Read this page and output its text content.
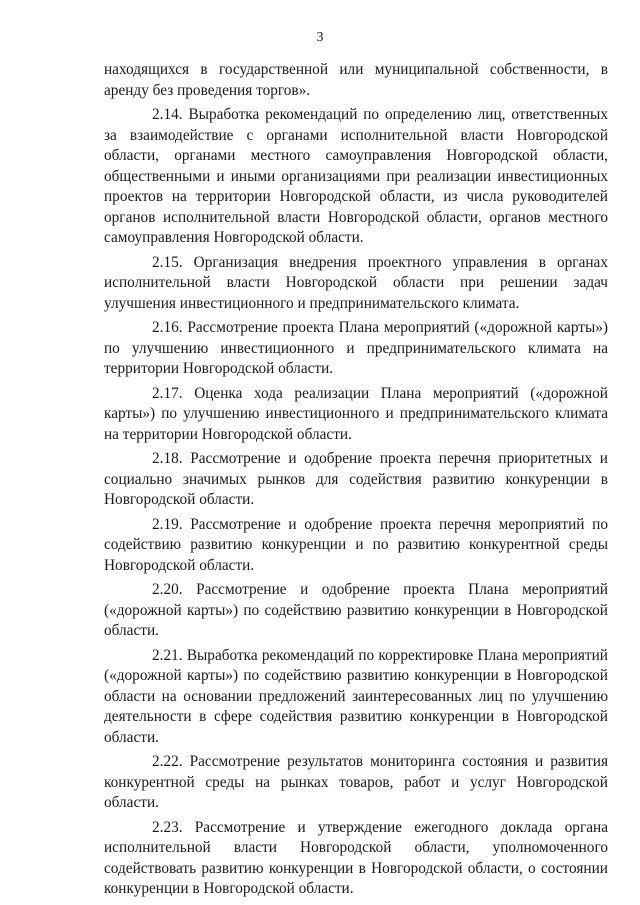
3

находящихся в государственной или муниципальной собственности, в аренду без проведения торгов».

2.14. Выработка рекомендаций по определению лиц, ответственных за взаимодействие с органами исполнительной власти Новгородской области, органами местного самоуправления Новгородской области, общественными и иными организациями при реализации инвестиционных проектов на территории Новгородской области, из числа руководителей органов исполнительной власти Новгородской области, органов местного самоуправления Новгородской области.

2.15. Организация внедрения проектного управления в органах исполнительной власти Новгородской области при решении задач улучшения инвестиционного и предпринимательского климата.

2.16. Рассмотрение проекта Плана мероприятий («дорожной карты») по улучшению инвестиционного и предпринимательского климата на территории Новгородской области.

2.17. Оценка хода реализации Плана мероприятий («дорожной карты») по улучшению инвестиционного и предпринимательского климата на территории Новгородской области.

2.18. Рассмотрение и одобрение проекта перечня приоритетных и социально значимых рынков для содействия развитию конкуренции в Новгородской области.

2.19. Рассмотрение и одобрение проекта перечня мероприятий по содействию развитию конкуренции и по развитию конкурентной среды Новгородской области.

2.20. Рассмотрение и одобрение проекта Плана мероприятий («дорожной карты») по содействию развитию конкуренции в Новгородской области.

2.21. Выработка рекомендаций по корректировке Плана мероприятий («дорожной карты») по содействию развитию конкуренции в Новгородской области на основании предложений заинтересованных лиц по улучшению деятельности в сфере содействия развитию конкуренции в Новгородской области.

2.22. Рассмотрение результатов мониторинга состояния и развития конкурентной среды на рынках товаров, работ и услуг Новгородской области.

2.23. Рассмотрение и утверждение ежегодного доклада органа исполнительной власти Новгородской области, уполномоченного содействовать развитию конкуренции в Новгородской области, о состоянии конкуренции в Новгородской области.
